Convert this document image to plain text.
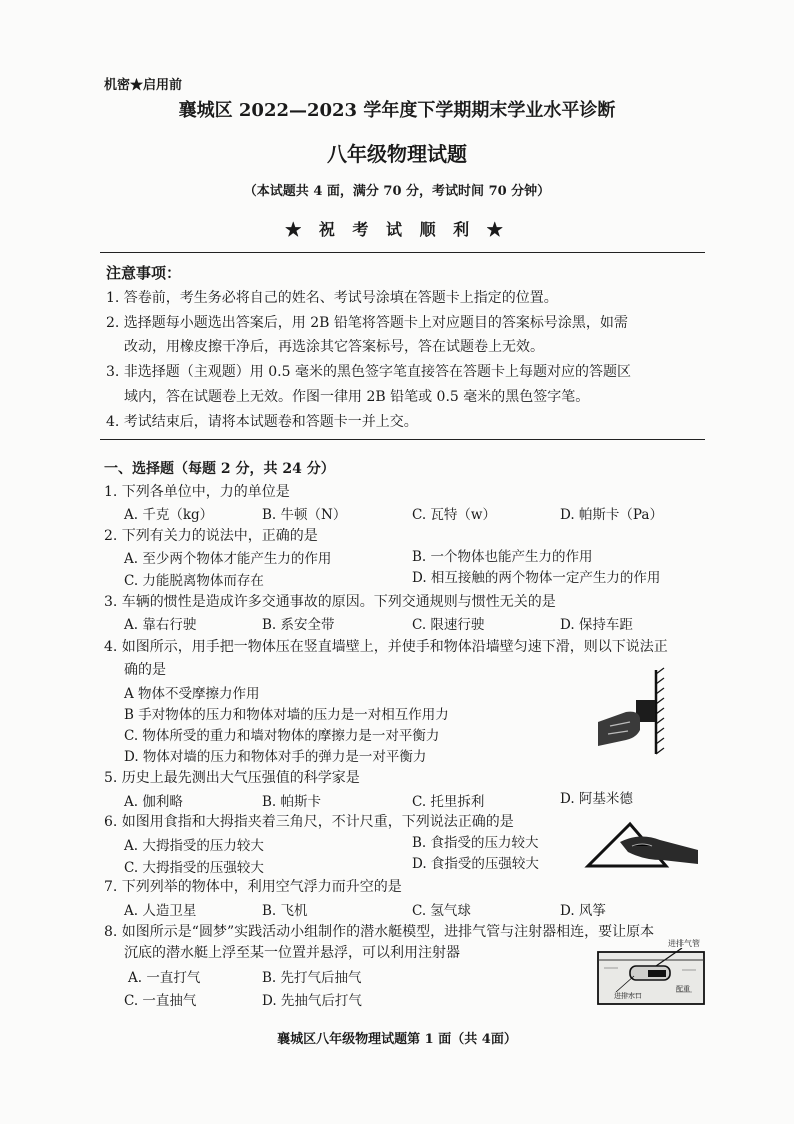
机密★启用前
襄城区 2022—2023 学年度下学期期末学业水平诊断
八年级物理试题
（本试题共 4 面，满分 70 分，考试时间 70 分钟）
★ 祝 考 试 顺 利 ★
注意事项：
1. 答卷前，考生务必将自己的姓名、考试号涂填在答题卡上指定的位置。
2. 选择题每小题选出答案后，用 2B 铅笔将答题卡上对应题目的答案标号涂黑，如需
改动，用橡皮擦干净后，再选涂其它答案标号，答在试题卷上无效。
3. 非选择题（主观题）用 0.5 毫米的黑色签字笔直接答在答题卡上每题对应的答题区
域内，答在试题卷上无效。作图一律用 2B 铅笔或 0.5 毫米的黑色签字笔。
4. 考试结束后，请将本试题卷和答题卡一并上交。
一、选择题（每题 2 分，共 24 分）
1. 下列各单位中，力的单位是
A. 千克（kg）	B. 牛顿（N）	C. 瓦特（w）	D. 帕斯卡（Pa）
2. 下列有关力的说法中，正确的是
A. 至少两个物体才能产生力的作用	B. 一个物体也能产生力的作用
C. 力能脱离物体而存在	D. 相互接触的两个物体一定产生力的作用
3. 车辆的惯性是造成许多交通事故的原因。下列交通规则与惯性无关的是
A. 靠右行驶	B. 系安全带	C. 限速行驶	D. 保持车距
4. 如图所示，用手把一物体压在竖直墙壁上，并使手和物体沿墙壁匀速下滑，则以下说法正
确的是
A 物体不受摩擦力作用
B 手对物体的压力和物体对墙的压力是一对相互作用力
C. 物体所受的重力和墙对物体的摩擦力是一对平衡力
D. 物体对墙的压力和物体对手的弹力是一对平衡力
5. 历史上最先测出大气压强值的科学家是
A. 伽利略	B. 帕斯卡	C. 托里拆利	D. 阿基米德
6. 如图用食指和大拇指夹着三角尺，不计尺重，下列说法正确的是
A. 大拇指受的压力较大	B. 食指受的压力较大
C. 大拇指受的压强较大	D. 食指受的压强较大
7. 下列列举的物体中，利用空气浮力而升空的是
A. 人造卫星	B. 飞机	C. 氢气球	D. 风筝
8. 如图所示是“圆梦”实践活动小组制作的潜水艇模型，进排气管与注射器相连，要让原本
沉底的潜水艇上浮至某一位置并悬浮，可以利用注射器
A. 一直打气	B. 先打气后抽气
C. 一直抽气	D. 先抽气后打气
进排气管
进排水口
配重
襄城区八年级物理试题第 1 面（共 4面）
